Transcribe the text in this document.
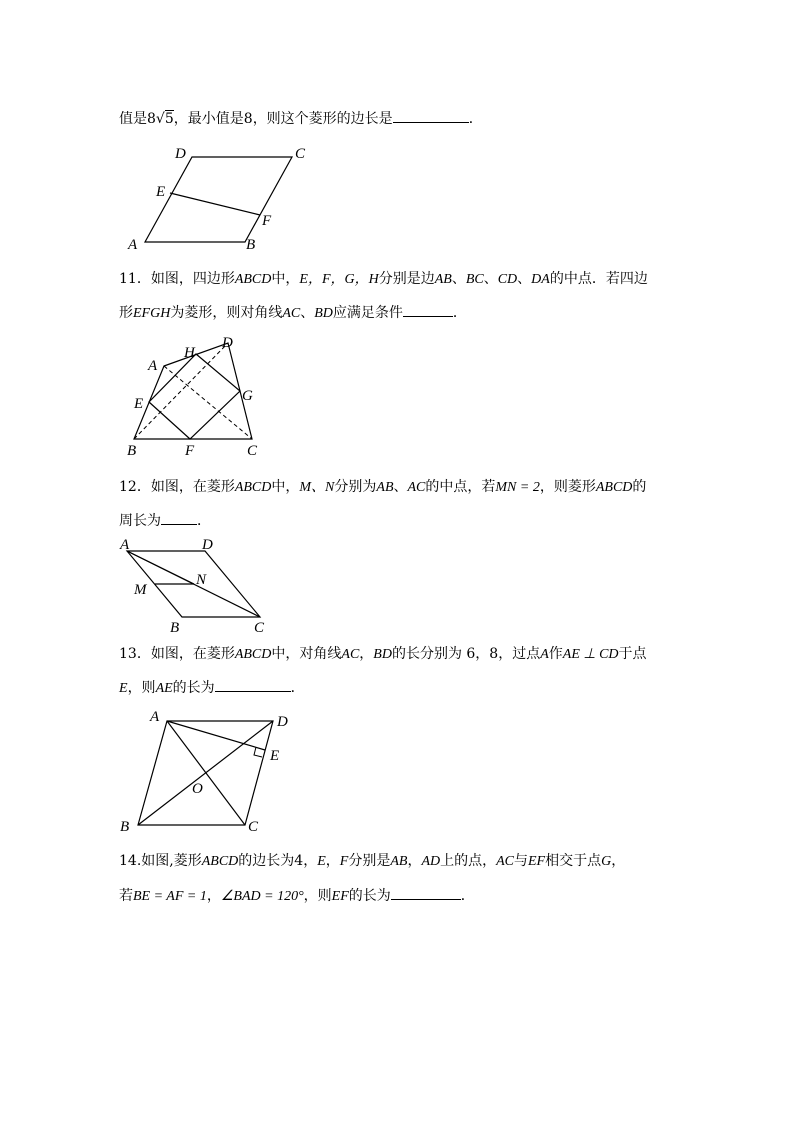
值是8√5，最小值是8，则这个菱形的边长是	．
D	C
E
F
A	B
11．如图，四边形ABCD中，E，F，G，H分别是边AB、BC、CD、DA的中点．若四边
形EFGH为菱形，则对角线AC、BD应满足条件	．
A
H
D
E	G
B	F	C
12．如图，在菱形ABCD中，M、N分别为AB、AC的中点，若MN = 2，则菱形ABCD的
周长为	．
A	D
N
M
B	C
13．如图，在菱形ABCD中，对角线AC，BD的长分别为 6，8，过点A作AE ⊥ CD于点
E，则AE的长为	．
A	D
E
O
B	C
14.如图,菱形ABCD的边长为4，E，F分别是AB，AD上的点，AC与EF相交于点G，
若BE = AF = 1，∠BAD = 120°，则EF的长为	．
